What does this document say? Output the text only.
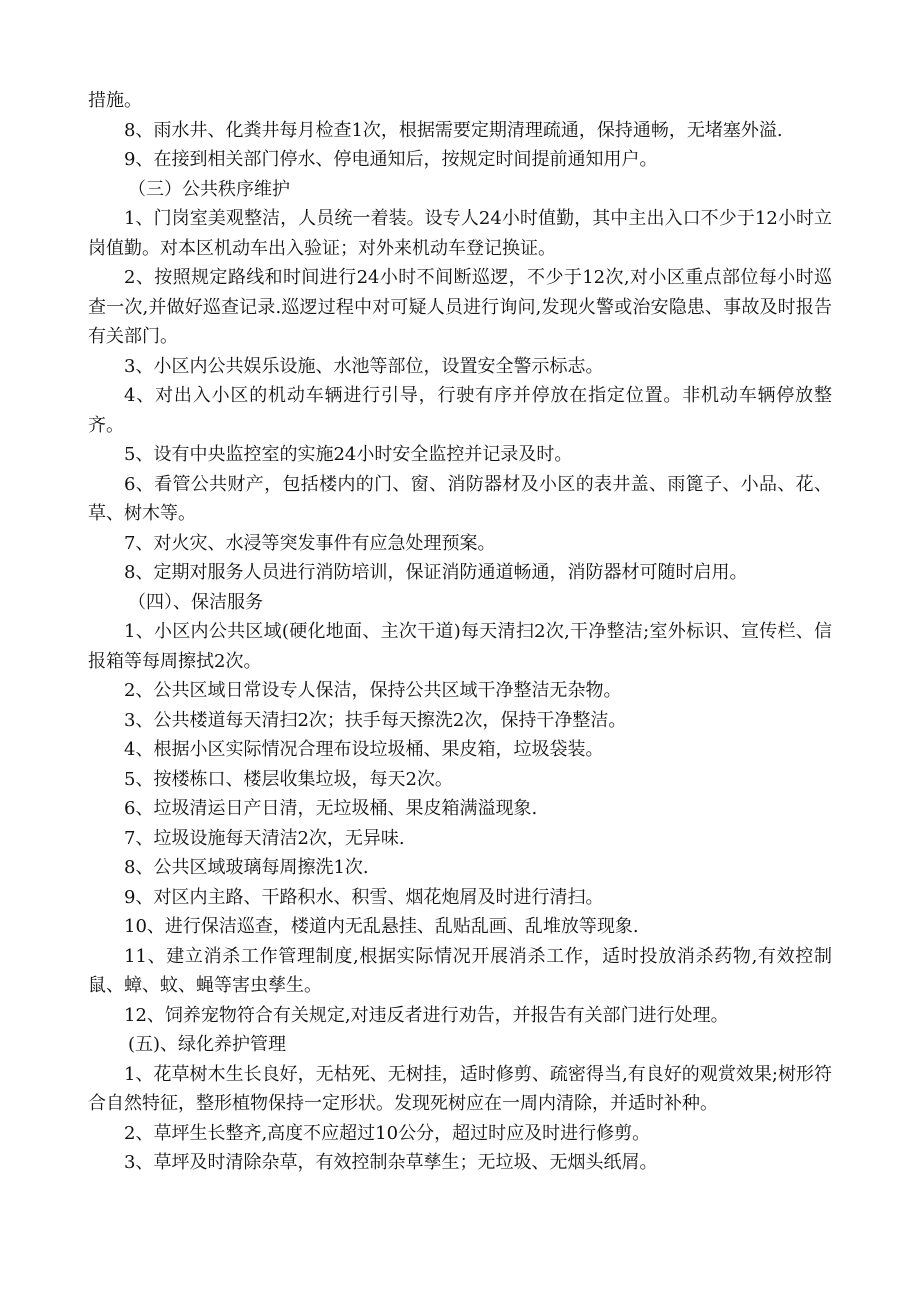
措施。

8、雨水井、化粪井每月检查1次，根据需要定期清理疏通，保持通畅，无堵塞外溢.

9、在接到相关部门停水、停电通知后，按规定时间提前通知用户。

（三）公共秩序维护

1、门岗室美观整洁，人员统一着装。设专人24小时值勤，其中主出入口不少于12小时立岗值勤。对本区机动车出入验证；对外来机动车登记换证。

2、按照规定路线和时间进行24小时不间断巡逻，不少于12次,对小区重点部位每小时巡查一次,并做好巡查记录.巡逻过程中对可疑人员进行询问,发现火警或治安隐患、事故及时报告有关部门。

3、小区内公共娱乐设施、水池等部位，设置安全警示标志。

4、对出入小区的机动车辆进行引导，行驶有序并停放在指定位置。非机动车辆停放整齐。

5、设有中央监控室的实施24小时安全监控并记录及时。

6、看管公共财产，包括楼内的门、窗、消防器材及小区的表井盖、雨篦子、小品、花、草、树木等。

7、对火灾、水浸等突发事件有应急处理预案。

8、定期对服务人员进行消防培训，保证消防通道畅通，消防器材可随时启用。

（四）、保洁服务

1、小区内公共区域(硬化地面、主次干道)每天清扫2次,干净整洁;室外标识、宣传栏、信报箱等每周擦拭2次。

2、公共区域日常设专人保洁，保持公共区域干净整洁无杂物。

3、公共楼道每天清扫2次；扶手每天擦洗2次，保持干净整洁。

4、根据小区实际情况合理布设垃圾桶、果皮箱，垃圾袋装。

5、按楼栋口、楼层收集垃圾，每天2次。

6、垃圾清运日产日清，无垃圾桶、果皮箱满溢现象.

7、垃圾设施每天清洁2次，无异味.

8、公共区域玻璃每周擦洗1次.

9、对区内主路、干路积水、积雪、烟花炮屑及时进行清扫。

10、进行保洁巡查，楼道内无乱悬挂、乱贴乱画、乱堆放等现象.

11、建立消杀工作管理制度,根据实际情况开展消杀工作，适时投放消杀药物,有效控制鼠、蟑、蚊、蝇等害虫孳生。

12、饲养宠物符合有关规定,对违反者进行劝告，并报告有关部门进行处理。

(五)、绿化养护管理

1、花草树木生长良好，无枯死、无树挂，适时修剪、疏密得当,有良好的观赏效果;树形符合自然特征，整形植物保持一定形状。发现死树应在一周内清除，并适时补种。

2、草坪生长整齐,高度不应超过10公分，超过时应及时进行修剪。

3、草坪及时清除杂草，有效控制杂草孳生；无垃圾、无烟头纸屑。
